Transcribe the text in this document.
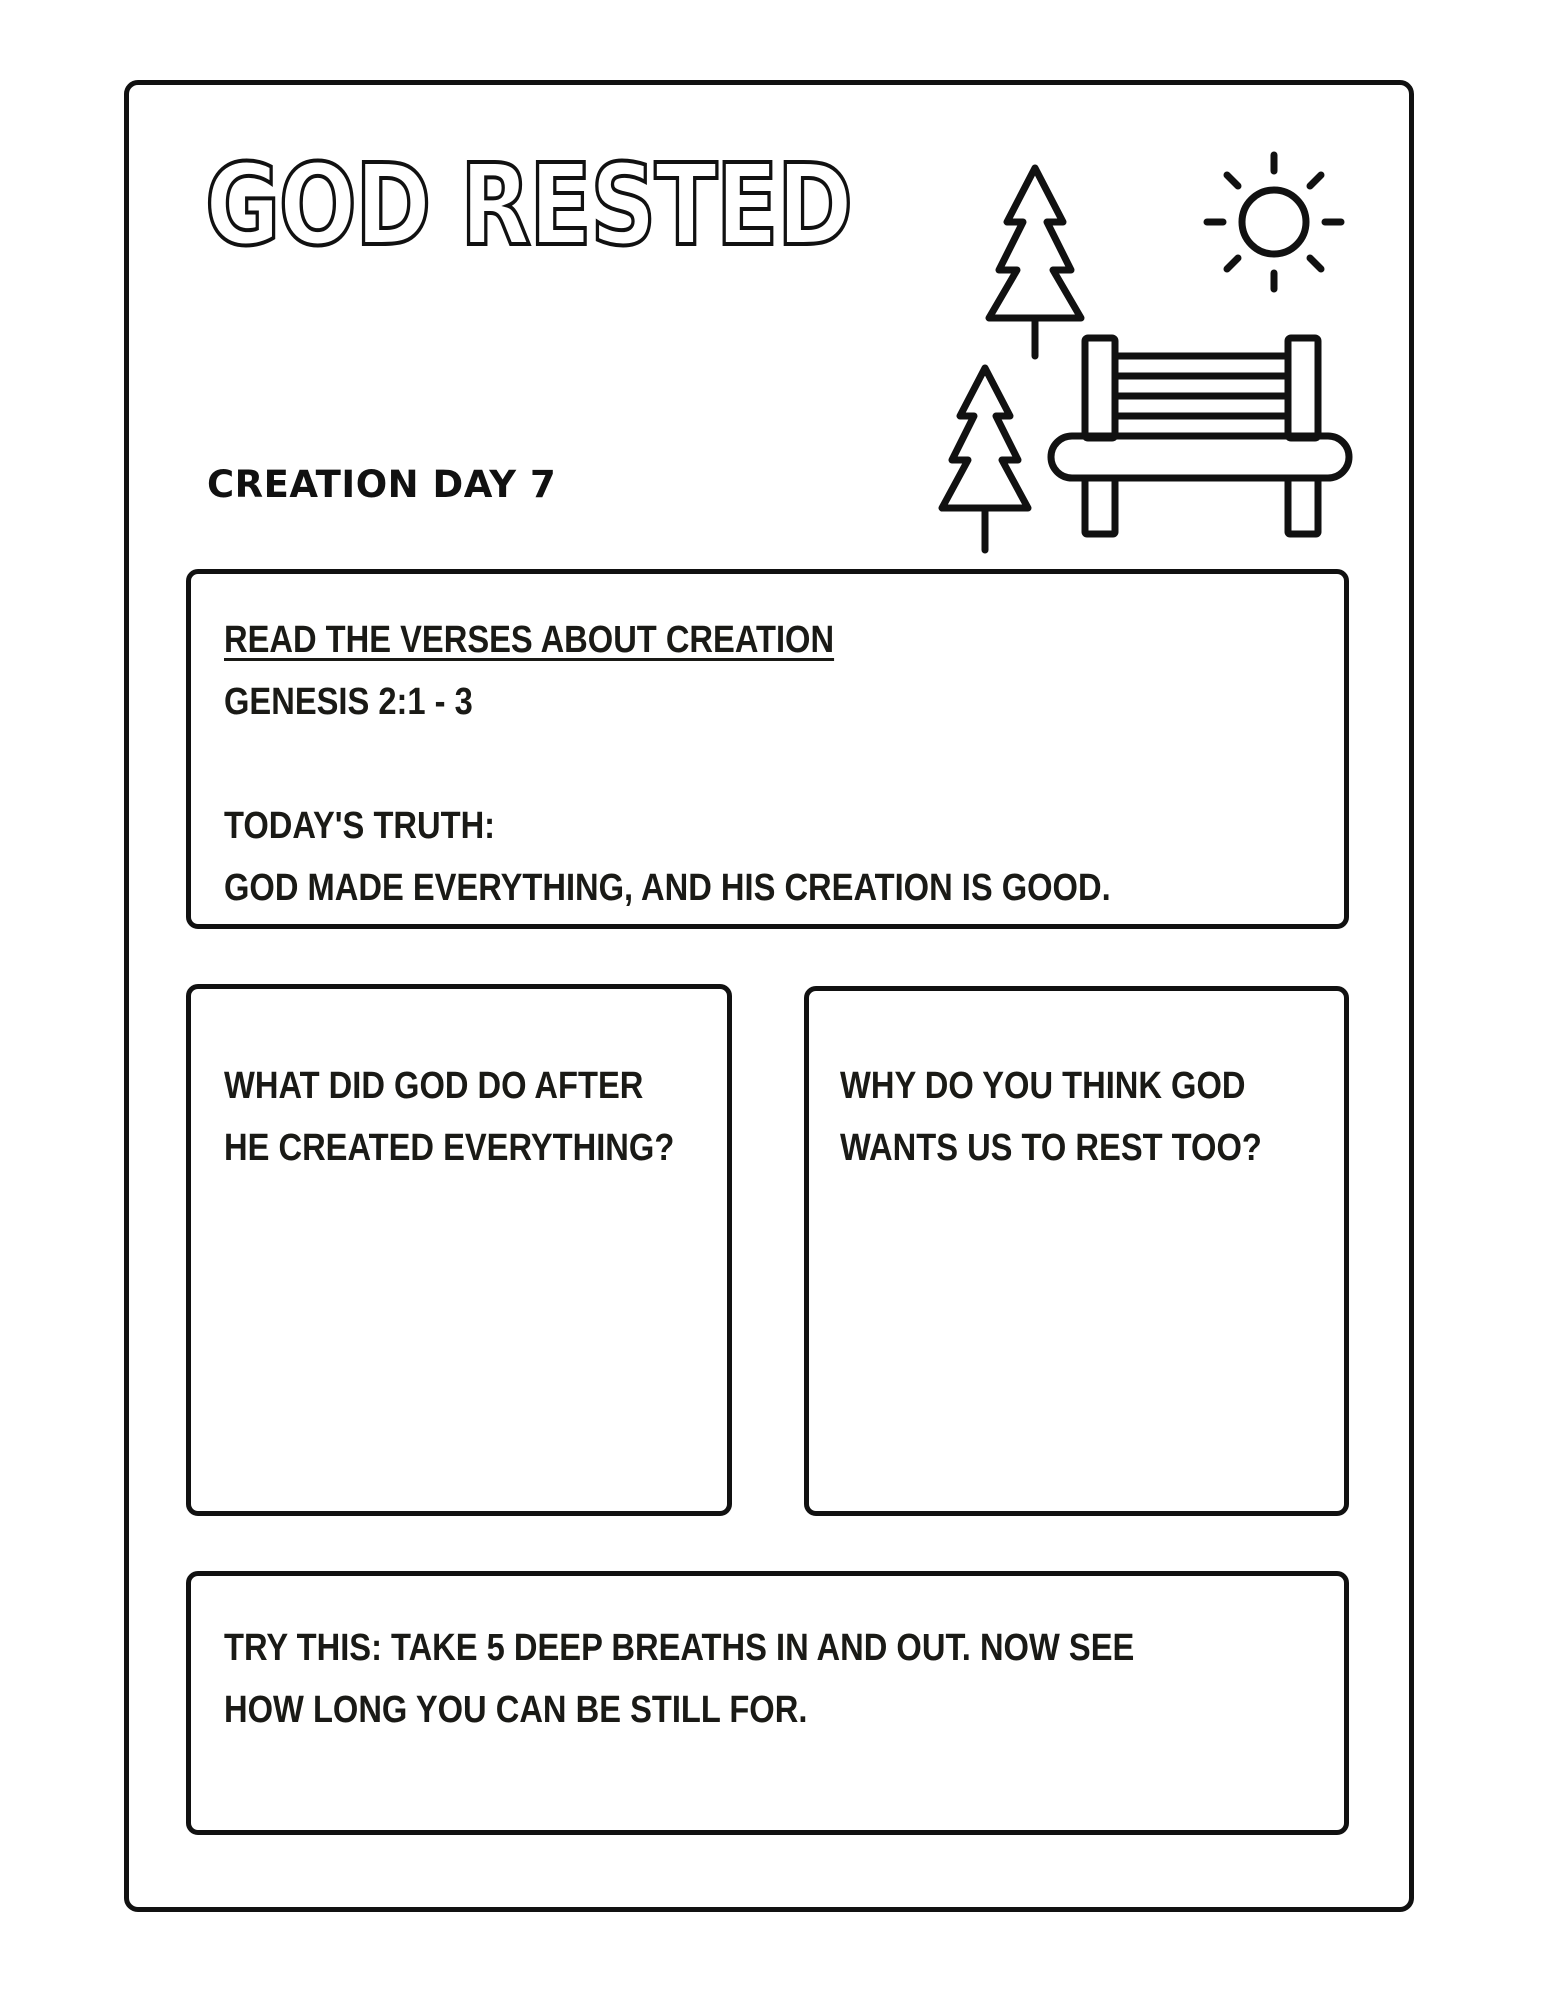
GOD RESTED

CREATION DAY 7

READ THE VERSES ABOUT CREATION

GENESIS 2:1 - 3

TODAY'S TRUTH:

GOD MADE EVERYTHING, AND HIS CREATION IS GOOD.

WHAT DID GOD DO AFTER

HE CREATED EVERYTHING?

WHY DO YOU THINK GOD

WANTS US TO REST TOO?

TRY THIS: TAKE 5 DEEP BREATHS IN AND OUT. NOW SEE

HOW LONG YOU CAN BE STILL FOR.
